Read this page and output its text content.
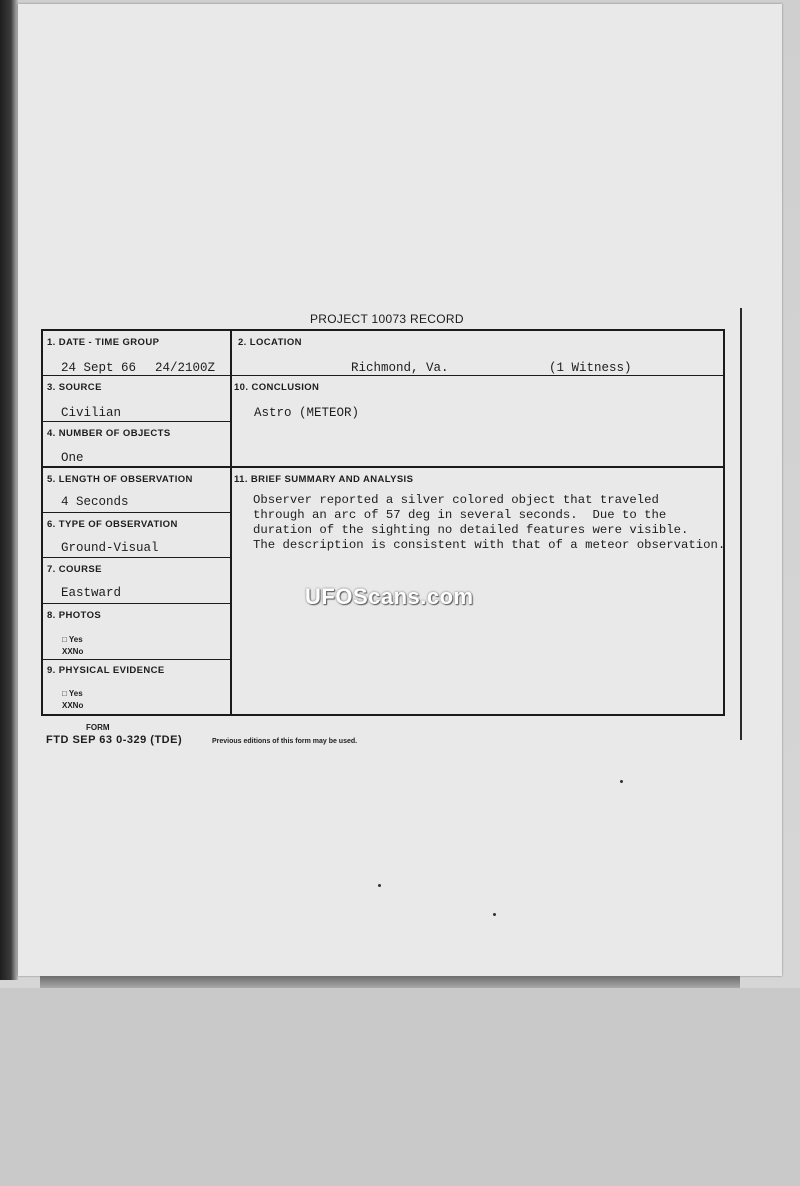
PROJECT 10073 RECORD
1. DATE - TIME GROUP
24 Sept 66 24/2100Z
2. LOCATION
Richmond, Va.	(1 Witness)
3. SOURCE
Civilian
10. CONCLUSION
Astro (METEOR)
4. NUMBER OF OBJECTS
One
5. LENGTH OF OBSERVATION
4 Seconds
11. BRIEF SUMMARY AND ANALYSIS
Observer reported a silver colored object that traveled
through an arc of 57 deg in several seconds.  Due to the
duration of the sighting no detailed features were visible.
The description is consistent with that of a meteor observation.
6. TYPE OF OBSERVATION
Ground-Visual
7. COURSE
Eastward
8. PHOTOS
□ Yes
XXNo
9. PHYSICAL EVIDENCE
□ Yes
XXNo
UFOScans.com
FORM
FTD SEP 63 0-329 (TDE)	Previous editions of this form may be used.
